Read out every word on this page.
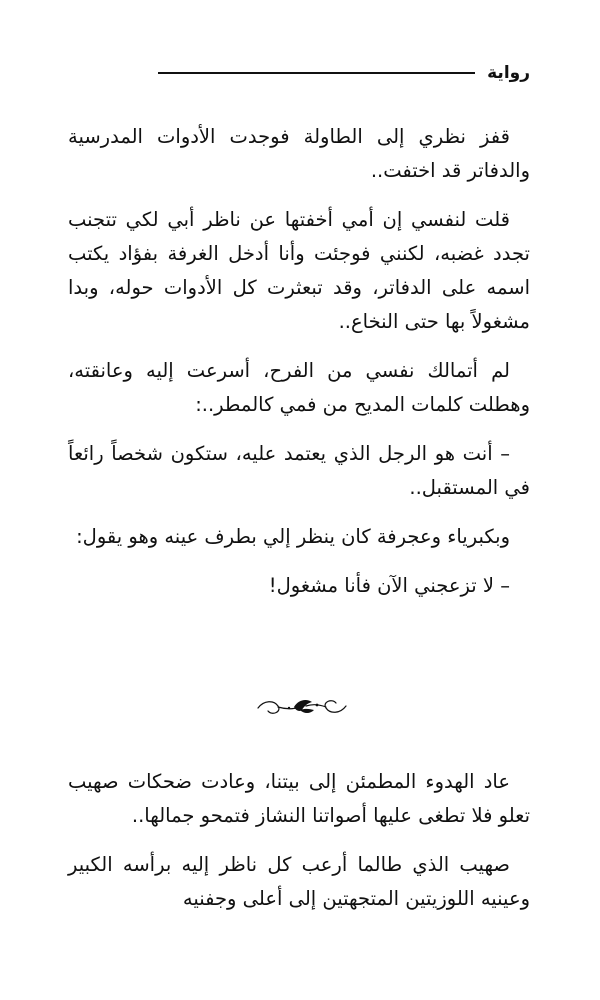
رواية

قفز نظري إلى الطاولة فوجدت الأدوات المدرسية والدفاتر قد اختفت..

قلت لنفسي إن أمي أخفتها عن ناظر أبي لكي تتجنب تجدد غضبه، لكنني فوجئت وأنا أدخل الغرفة بفؤاد يكتب اسمه على الدفاتر، وقد تبعثرت كل الأدوات حوله، وبدا مشغولاً بها حتى النخاع..

لم أتمالك نفسي من الفرح، أسرعت إليه وعانقته، وهطلت كلمات المديح من فمي كالمطر..:

– أنت هو الرجل الذي يعتمد عليه، ستكون شخصاً رائعاً في المستقبل..

وبكبرياء وعجرفة كان ينظر إلي بطرف عينه وهو يقول:

– لا تزعجني الآن فأنا مشغول!

عاد الهدوء المطمئن إلى بيتنا، وعادت ضحكات صهيب تعلو فلا تطغى عليها أصواتنا النشاز فتمحو جمالها..

صهيب الذي طالما أرعب كل ناظر إليه برأسه الكبير وعينيه اللوزيتين المتجهتين إلى أعلى وجفنيه
